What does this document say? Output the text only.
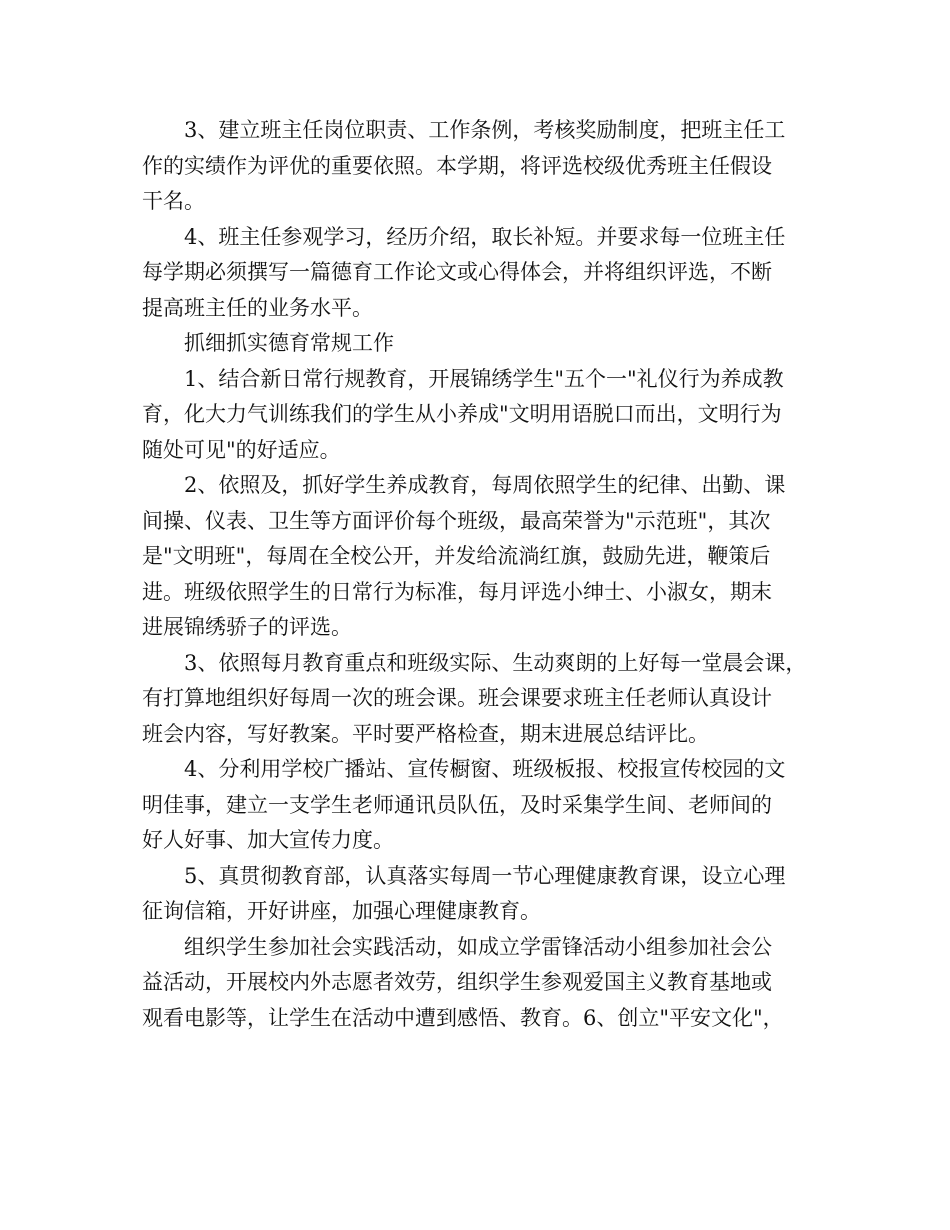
3、建立班主任岗位职责、工作条例，考核奖励制度，把班主任工
作的实绩作为评优的重要依照。本学期，将评选校级优秀班主任假设
干名。
4、班主任参观学习，经历介绍，取长补短。并要求每一位班主任
每学期必须撰写一篇德育工作论文或心得体会，并将组织评选，不断
提高班主任的业务水平。
抓细抓实德育常规工作
1、结合新日常行规教育，开展锦绣学生"五个一"礼仪行为养成教
育，化大力气训练我们的学生从小养成"文明用语脱口而出，文明行为
随处可见"的好适应。
2、依照及，抓好学生养成教育，每周依照学生的纪律、出勤、课
间操、仪表、卫生等方面评价每个班级，最高荣誉为"示范班"，其次
是"文明班"，每周在全校公开，并发给流淌红旗，鼓励先进，鞭策后
进。班级依照学生的日常行为标准，每月评选小绅士、小淑女，期末
进展锦绣骄子的评选。
3、依照每月教育重点和班级实际、生动爽朗的上好每一堂晨会课，
有打算地组织好每周一次的班会课。班会课要求班主任老师认真设计
班会内容，写好教案。平时要严格检查，期末进展总结评比。
4、分利用学校广播站、宣传橱窗、班级板报、校报宣传校园的文
明佳事，建立一支学生老师通讯员队伍，及时采集学生间、老师间的
好人好事、加大宣传力度。
5、真贯彻教育部，认真落实每周一节心理健康教育课，设立心理
征询信箱，开好讲座，加强心理健康教育。
组织学生参加社会实践活动，如成立学雷锋活动小组参加社会公
益活动，开展校内外志愿者效劳，组织学生参观爱国主义教育基地或
观看电影等，让学生在活动中遭到感悟、教育。6、创立"平安文化"，
